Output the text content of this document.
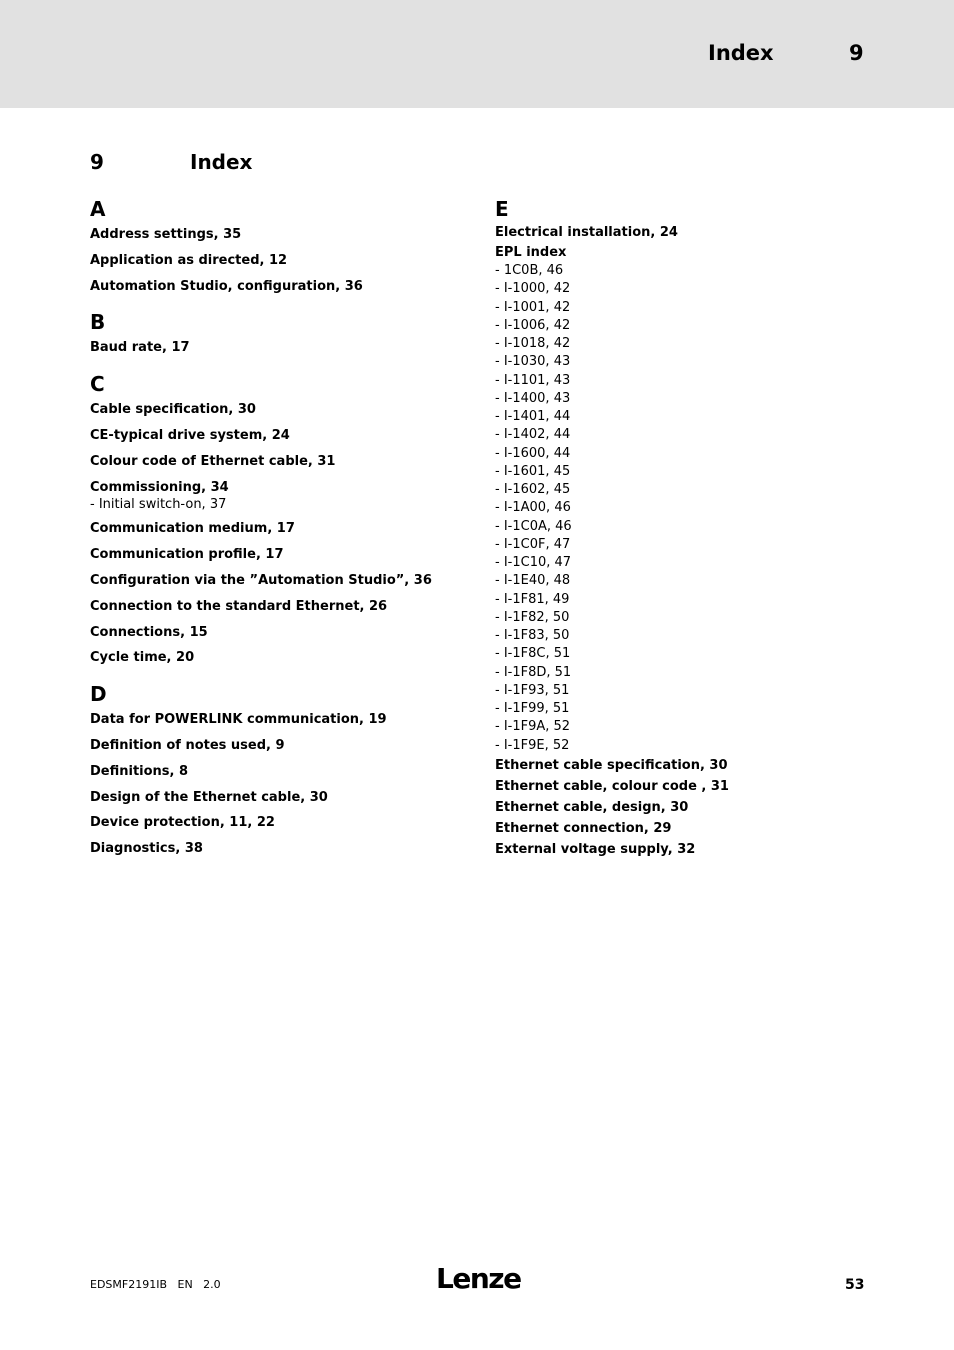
Index	9
9	Index
A
Address settings, 35
Application as directed, 12
Automation Studio, configuration, 36
B
Baud rate, 17
C
Cable specification, 30
CE-typical drive system, 24
Colour code of Ethernet cable, 31
Commissioning, 34
- Initial switch-on, 37
Communication medium, 17
Communication profile, 17
Configuration via the ”Automation Studio”, 36
Connection to the standard Ethernet, 26
Connections, 15
Cycle time, 20
D
Data for POWERLINK communication, 19
Definition of notes used, 9
Definitions, 8
Design of the Ethernet cable, 30
Device protection, 11, 22
Diagnostics, 38
E
Electrical installation, 24
EPL index
- 1C0B, 46
- I-1000, 42
- I-1001, 42
- I-1006, 42
- I-1018, 42
- I-1030, 43
- I-1101, 43
- I-1400, 43
- I-1401, 44
- I-1402, 44
- I-1600, 44
- I-1601, 45
- I-1602, 45
- I-1A00, 46
- I-1C0A, 46
- I-1C0F, 47
- I-1C10, 47
- I-1E40, 48
- I-1F81, 49
- I-1F82, 50
- I-1F83, 50
- I-1F8C, 51
- I-1F8D, 51
- I-1F93, 51
- I-1F99, 51
- I-1F9A, 52
- I-1F9E, 52
Ethernet cable specification, 30
Ethernet cable, colour code , 31
Ethernet cable, design, 30
Ethernet connection, 29
External voltage supply, 32
EDSMF2191IB   EN   2.0	Lenze	53
